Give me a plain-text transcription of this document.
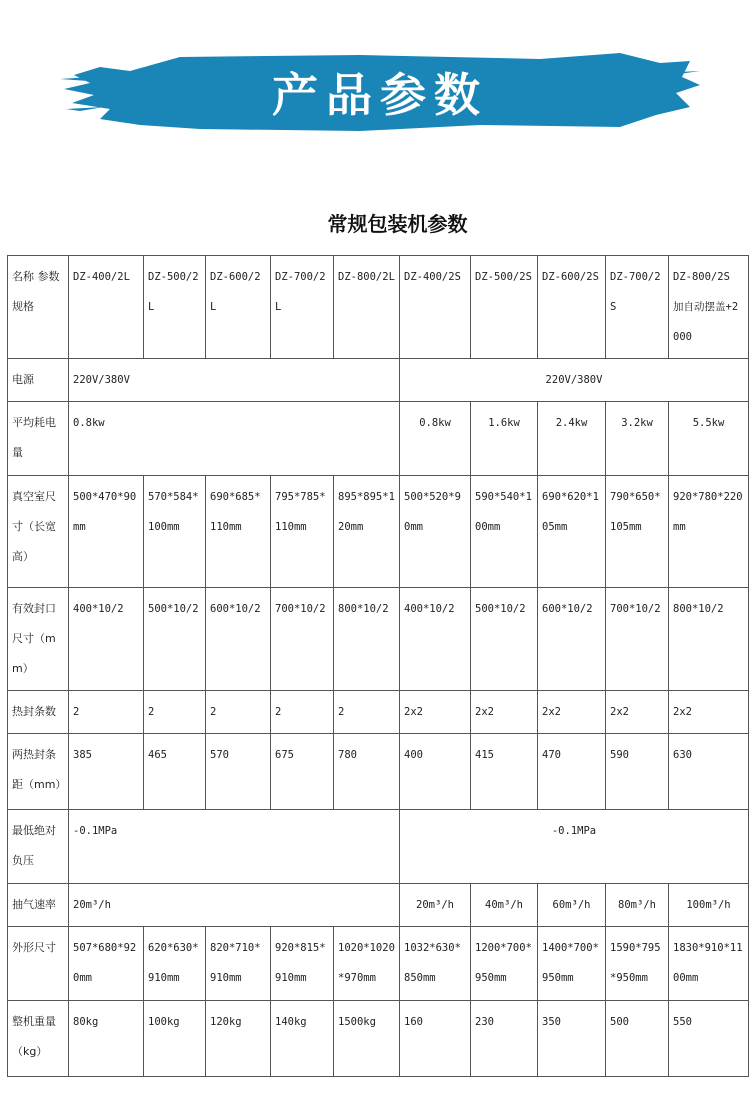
产品参数
常规包装机参数
名称 参数 规格	DZ-400/2L	DZ-500/2L	DZ-600/2L	DZ-700/2L	DZ-800/2L	DZ-400/2S	DZ-500/2S	DZ-600/2S	DZ-700/2S	DZ-800/2S 加自动摆盖+2000
电源	220V/380V					220V/380V				
平均耗电量	0.8kw					0.8kw	1.6kw	2.4kw	3.2kw	5.5kw
真空室尺寸（长宽高）	500*470*90mm	570*584*100mm	690*685*110mm	795*785*110mm	895*895*120mm	500*520*90mm	590*540*100mm	690*620*105mm	790*650*105mm	920*780*220mm
有效封口尺寸（mm）	400*10/2	500*10/2	600*10/2	700*10/2	800*10/2	400*10/2	500*10/2	600*10/2	700*10/2	800*10/2
热封条数	2	2	2	2	2	2x2	2x2	2x2	2x2	2x2
两热封条距（mm）	385	465	570	675	780	400	415	470	590	630
最低绝对负压	-0.1MPa					-0.1MPa				
抽气速率	20m³/h					20m³/h	40m³/h	60m³/h	80m³/h	100m³/h
外形尺寸	507*680*920mm	620*630*910mm	820*710*910mm	920*815*910mm	1020*1020*970mm	1032*630*850mm	1200*700*950mm	1400*700*950mm	1590*795*950mm	1830*910*1100mm
整机重量（kg）	80kg	100kg	120kg	140kg	1500kg	160	230	350	500	550
